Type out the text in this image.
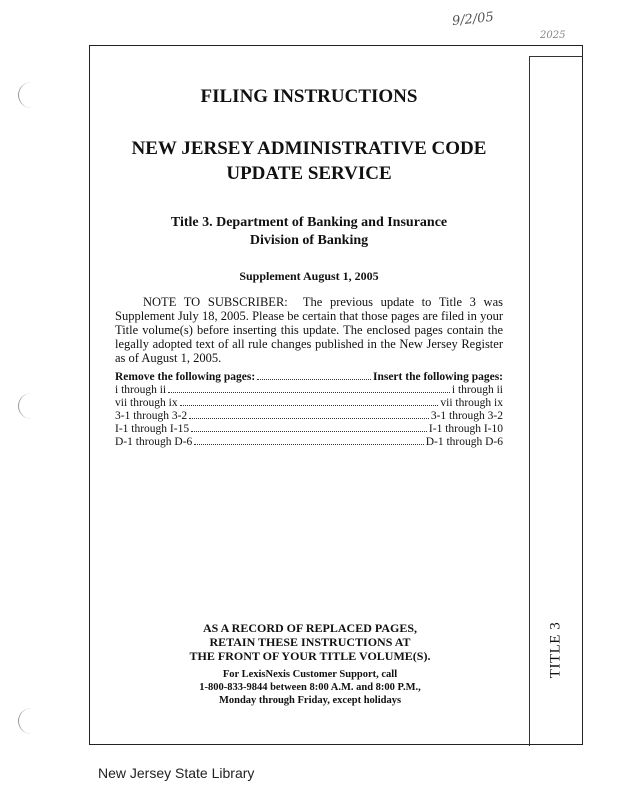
9/2/05
2025
TITLE 3
FILING INSTRUCTIONS
NEW JERSEY ADMINISTRATIVE CODE
UPDATE SERVICE
Title 3. Department of Banking and Insurance
Division of Banking
Supplement August 1, 2005

NOTE TO SUBSCRIBER: The previous update to Title 3 was Supplement July 18, 2005. Please be certain that those pages are filed in your Title volume(s) before inserting this update. The enclosed pages contain the legally adopted text of all rule changes published in the New Jersey Register as of August 1, 2005.

Remove the following pages:	Insert the following pages:
i through ii	i through ii
vii through ix	vii through ix
3-1 through 3-2	3-1 through 3-2
I-1 through I-15	I-1 through I-10
D-1 through D-6	D-1 through D-6
AS A RECORD OF REPLACED PAGES,
RETAIN THESE INSTRUCTIONS AT
THE FRONT OF YOUR TITLE VOLUME(S).
For LexisNexis Customer Support, call
1-800-833-9844 between 8:00 A.M. and 8:00 P.M.,
Monday through Friday, except holidays
New Jersey State Library
